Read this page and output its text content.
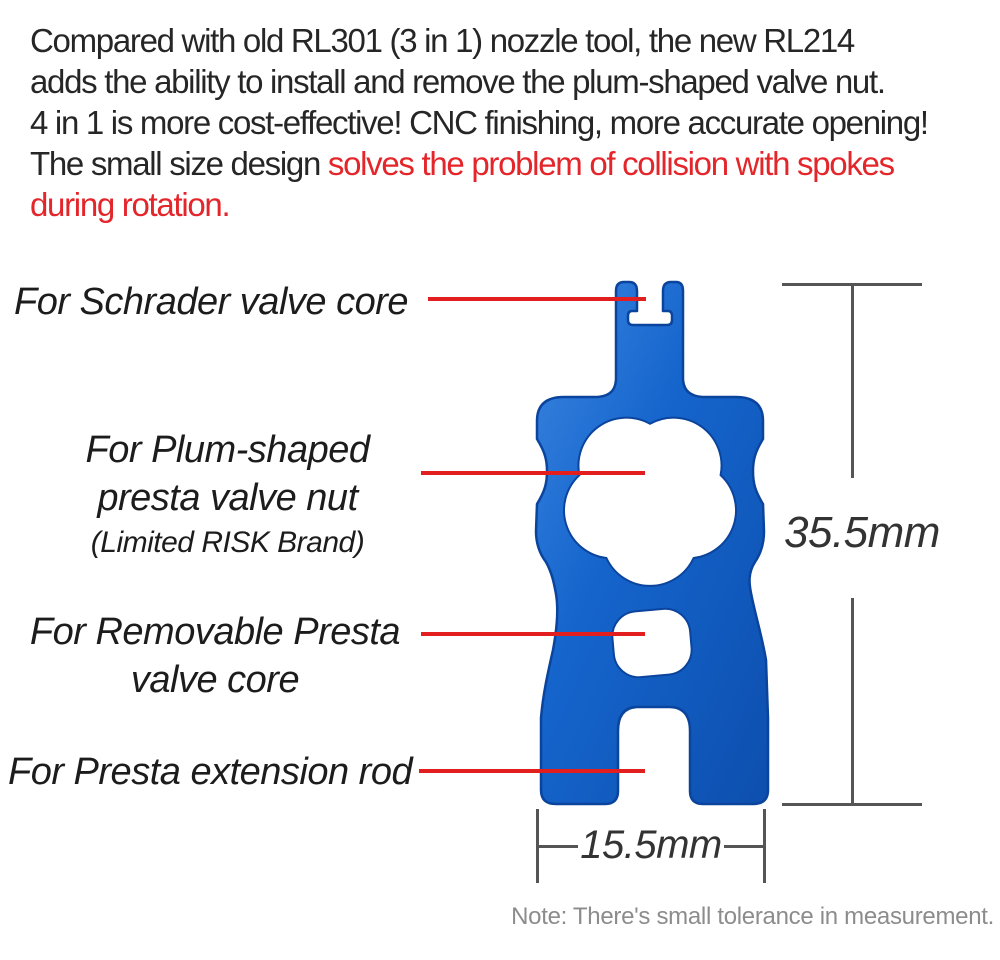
Compared with old RL301 (3 in 1) nozzle tool, the new RL214
adds the ability to install and remove the plum-shaped valve nut.
4 in 1 is more cost-effective! CNC finishing, more accurate opening!
The small size design solves the problem of collision with spokes
during rotation.
For Schrader valve core
For Plum-shaped
presta valve nut
(Limited RISK Brand)
For Removable Presta
valve core
For Presta extension rod
35.5mm
15.5mm
Note: There's small tolerance in measurement.
